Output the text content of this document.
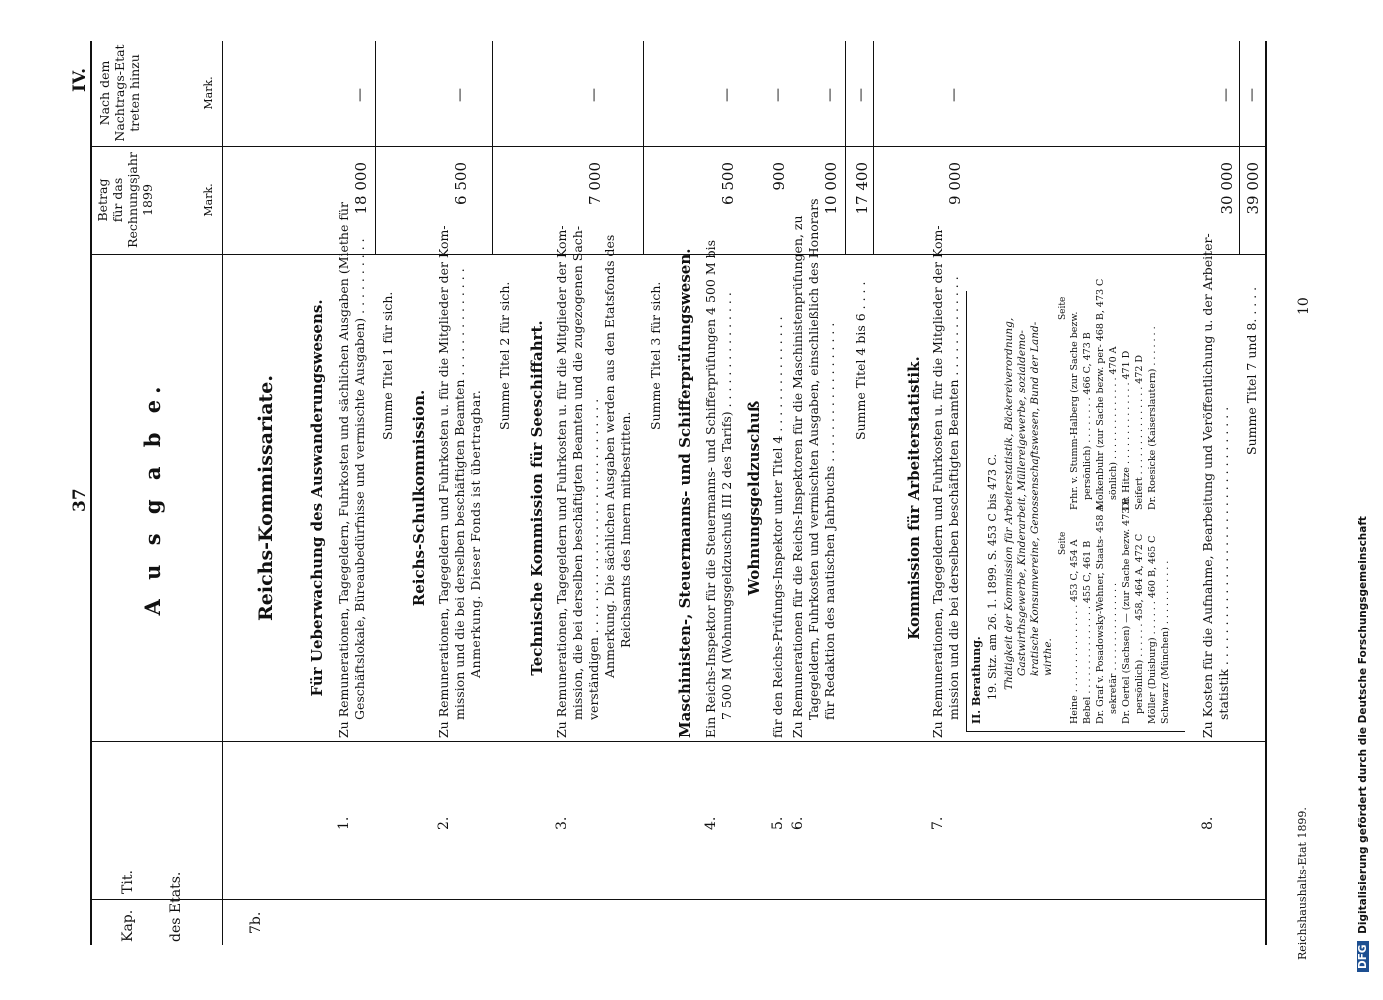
37
IV.
Kap.
Tit. des Etats.
A u s g a b e.
Betrag für das Rechnungsjahr 1899	Mark.
Nach dem Nachtrags-Etat treten hinzu	Mark.
7b.
Reichs-Kommissariate. Für Ueberwachung des Auswanderungswesens.
1.
Zu Remunerationen, Tagegeldern, Fuhrkosten und sächlichen Ausgaben (Miethe für Geschäftslokale, Büreaubedürfnisse und vermischte Ausgaben) . . . . . . . . . .
18 000
—
Summe Titel 1 für sich.
Reichs-Schulkommission.
2.
Zu Remunerationen, Tagegeldern und Fuhrkosten u. für die Mitglieder der Kom- mission und die bei derselben beschäftigten Beamten . . . . . . . . . . . . . . Anmerkung. Dieser Fonds ist übertragbar.
6 500
—
Summe Titel 2 für sich. Technische Kommission für Seeschiffahrt.
3.
Zu Remunerationen, Tagegeldern und Fuhrkosten u. für die Mitglieder der Kom- mission, die bei derselben beschäftigten Beamten und die zugezogenen Sach- verständigen . . . . . . . . . . . . . . . . . . . . . . . . . . . . . . Anmerkung. Die sächlichen Ausgaben werden aus den Etatsfonds des Reichsamts des Innern mitbestritten.
7 000
—
Summe Titel 3 für sich. Maschinisten-, Steuermanns- und Schifferprüfungswesen.
4.
Ein Reichs-Inspektor für die Steuermanns- und Schifferprüfungen 4 500 M bis 7 500 M (Wohnungsgeldzuschuß III 2 des Tarifs) . . . . . . . . . . . . . . .
6 500
—
Wohnungsgeldzuschuß
5.
für den Reichs-Prüfungs-Inspektor unter Titel 4 . . . . . . . . . . . . . . .
900
—
6.
Zu Remunerationen für die Reichs-Inspektoren für die Maschinistenprüfungen, zu Tagegeldern, Fuhrkosten und vermischten Ausgaben, einschließlich des Honorars für Redaktion des nautischen Jahrbuchs . . . . . . . . . . . . . . . . . .
10 000
—
Summe Titel 4 bis 6 . . . .
17 400
—
Kommission für Arbeiterstatistik.
7.
Zu Remunerationen, Tagegeldern und Fuhrkosten u. für die Mitglieder der Kom- mission und die bei derselben beschäftigten Beamten . . . . . . . . . . . . .
9 000
—
II. Berathung. 19. Sitz. am 26. 1. 1899. S. 453 C bis 473 C. Thätigkeit der Kommission für Arbeiterstatistik, Bäckereiverordnung, Gastwirthsgewerbe, Kinderarbeit, Müllereigewerbe, sozialdemo- kratische Konsumvereine, Genossenschaftswesen, Bund der Land- wirthe.
Seite Heine . . . . . . . . . . . . . . . 453 C, 454 A Bebel . . . . . . . . . . . . . . . 455 C, 461 B Dr. Graf v. Posadowsky-Wehner, Staats- 458 A sekretär . . . . . . . . . . . . . . . Dr. Oertel (Sachsen) — (zur Sache bezw. 473 B persönlich) . . . . . . 458, 464 A, 472 C Möller (Duisburg) . . . . . . 460 B, 465 C Schwarz (München) . . . . . . . . . . .
Seite
Frhr. v. Stumm-Halberg (zur Sache bezw. persönlich) . . . . . . . . 466 C, 473 B Molkenbuhr (zur Sache bezw. per- 468 B, 473 C sönlich) . . . . . . . . . . . . . . 470 A Dr. Hitze . . . . . . . . . . . . . . 471 D Seifert . . . . . . . . . . . . . . . 472 D Dr. Roesicke (Kaiserslautern) . . . . . . .
8.
Zu Kosten für die Aufnahme, Bearbeitung und Veröffentlichung u. der Arbeiter- statistik . . . . . . . . . . . . . . . . . . . . . . . . . . . . . . . . .
30 000
—
Summe Titel 7 und 8. . . . .
39 000
—
Reichshaushalts-Etat 1899.
10
DFG Digitalisierung gefördert durch die Deutsche Forschungsgemeinschaft
